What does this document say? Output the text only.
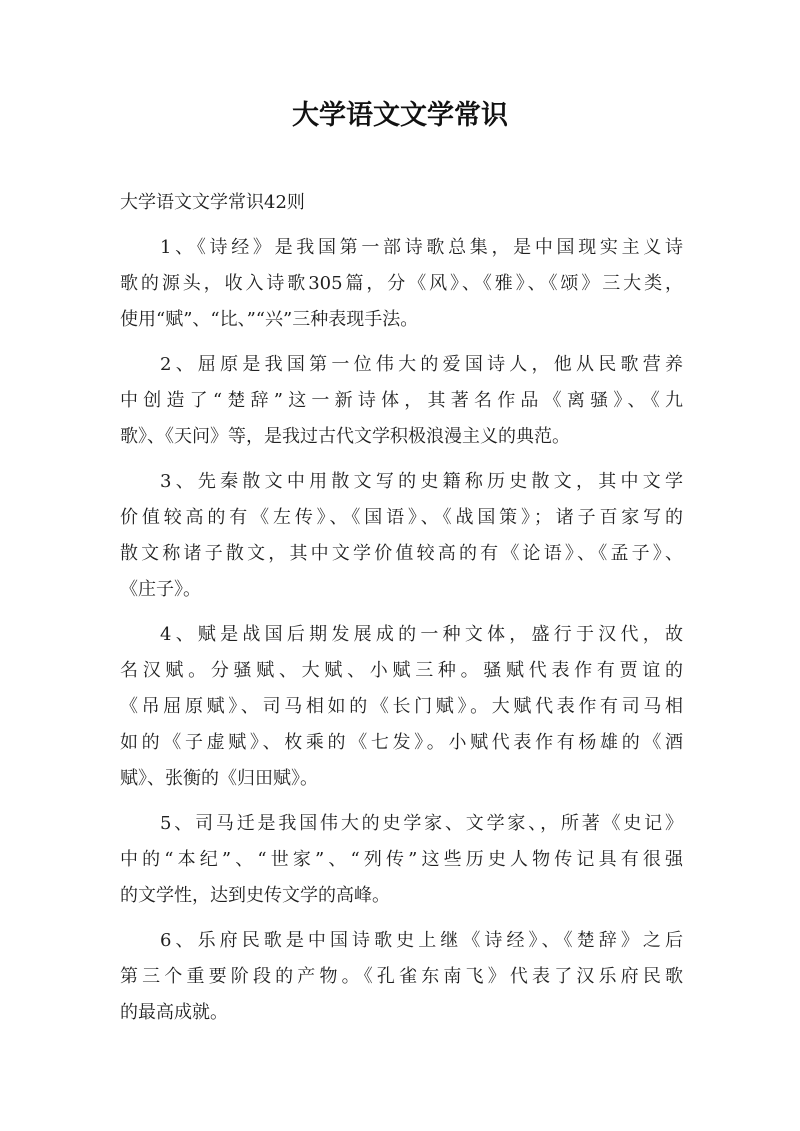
大学语文文学常识

大学语文文学常识42则

1、《诗经》是我国第一部诗歌总集，是中国现实主义诗
歌的源头，收入诗歌305篇，分《风》、《雅》、《颂》三大类，
使用“赋”、“比、”“兴”三种表现手法。

2、屈原是我国第一位伟大的爱国诗人，他从民歌营养
中创造了“楚辞”这一新诗体，其著名作品《离骚》、《九
歌》、《天问》等，是我过古代文学积极浪漫主义的典范。

3、先秦散文中用散文写的史籍称历史散文，其中文学
价值较高的有《左传》、《国语》、《战国策》；诸子百家写的
散文称诸子散文，其中文学价值较高的有《论语》、《孟子》、
《庄子》。

4、赋是战国后期发展成的一种文体，盛行于汉代，故
名汉赋。分骚赋、大赋、小赋三种。骚赋代表作有贾谊的
《吊屈原赋》、司马相如的《长门赋》。大赋代表作有司马相
如的《子虚赋》、枚乘的《七发》。小赋代表作有杨雄的《酒
赋》、张衡的《归田赋》。

5、司马迁是我国伟大的史学家、文学家、，所著《史记》
中的“本纪”、“世家”、“列传”这些历史人物传记具有很强
的文学性，达到史传文学的高峰。

6、乐府民歌是中国诗歌史上继《诗经》、《楚辞》之后
第三个重要阶段的产物。《孔雀东南飞》代表了汉乐府民歌
的最高成就。
